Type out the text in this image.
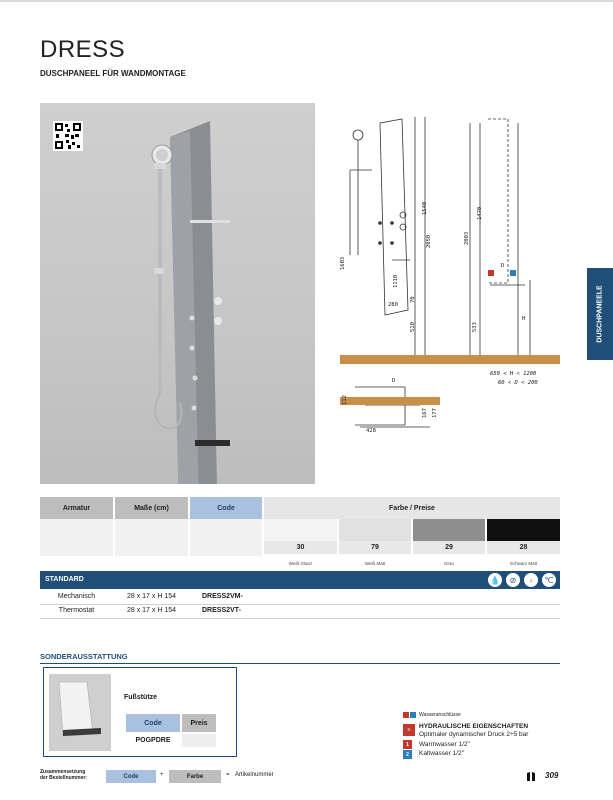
DRESS
DUSCHPANEEL FÜR WANDMONTAGE
1540
1603
2050
1110
280
70
510
1470
2003
533
H
D
650 < H < 1200
60 < D < 200
D
112
428
167 177
DUSCHPANEELE
Armatur	Maße (cm)	Code	Farbe / Preise
30	79	29	28
Weiß Glanz	Weiß Matt	Grau	Schwarz Matt
STANDARD	💧	⊘	⨾	℃
Mechanisch	28 x 17 x H 154	DRESS2VM-
Thermostat	28 x 17 x H 154	DRESS2VT-
SONDERAUSSTATTUNG
Fußstütze
Code	Preis
POGPDRE
Wasseranschlüsse
≡	HYDRAULISCHE EIGENSCHAFTEN
Optimaler dynamischer Druck 2÷5 bar
1	Warmwasser 1/2"
2	Kaltwasser 1/2"
Zusammensetzung
der Bestellnummer:	Code	+	Farbe	= Artikelnummer	309
